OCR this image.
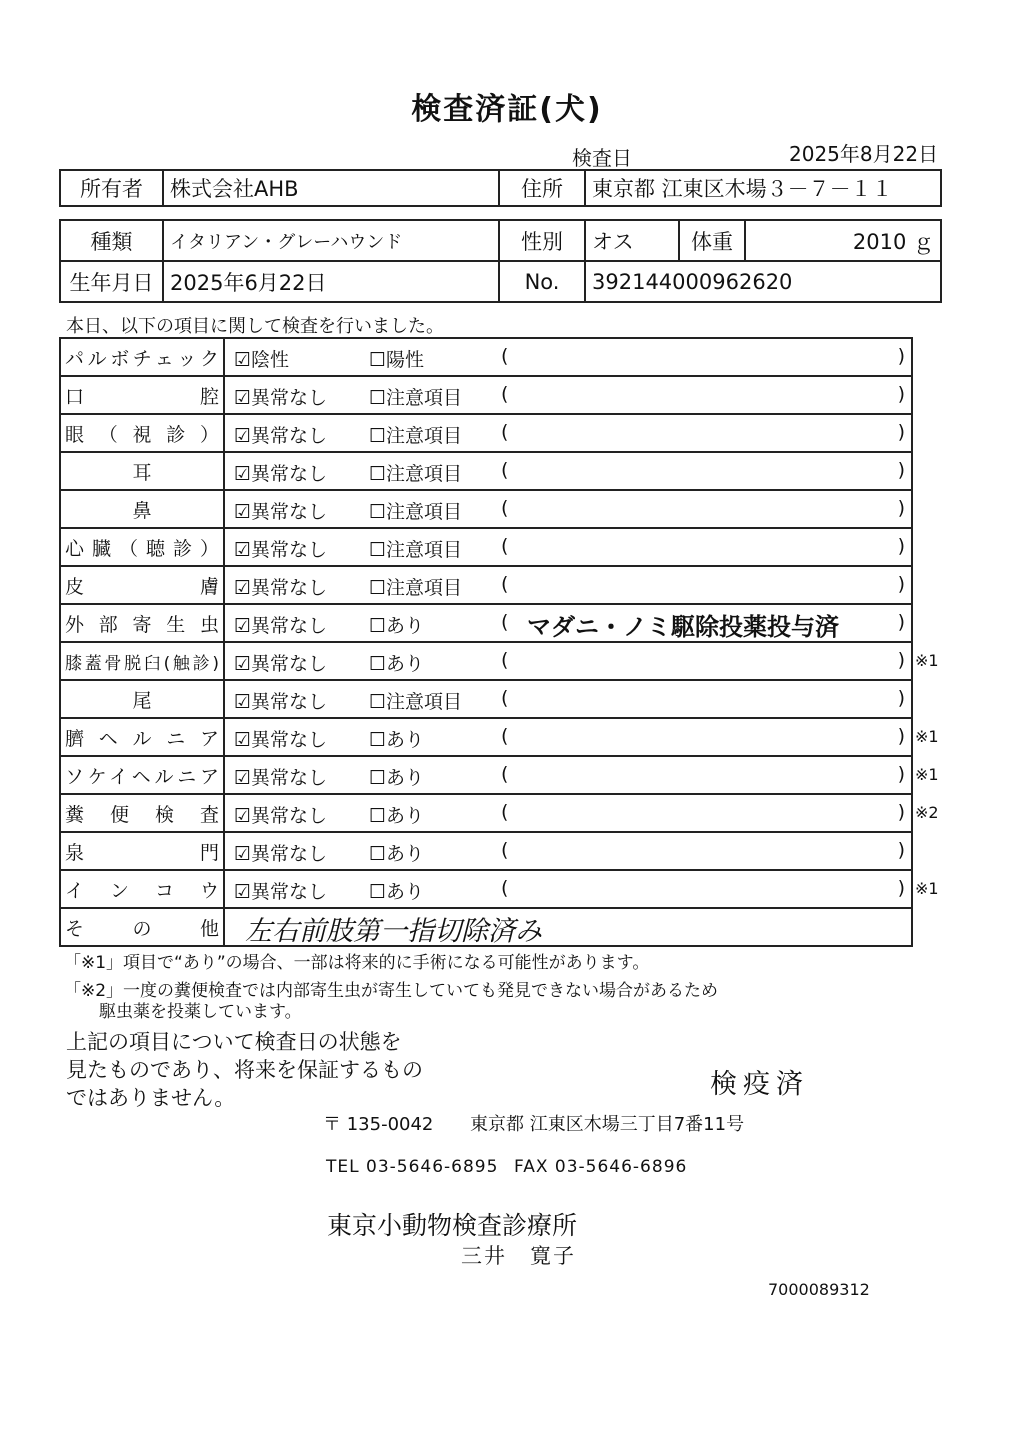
検査済証(犬)
検査日	2025年8月22日
所有者	株式会社AHB	住所	東京都 江東区木場３－７－１１
種類	イタリアン・グレーハウンド	性別	オス	体重	2010 ｇ
生年月日	2025年6月22日	No.	392144000962620		
本日、以下の項目に関して検査を行いました。
パルボチェック ☑陰性	☐陽性	(	)
口　　腔 ☑異常なし ☐注意項目 (	)
眼（視診） ☑異常なし ☐注意項目 (	)
耳	☑異常なし ☐注意項目 (	)
鼻	☑異常なし ☐注意項目 (	)
心臓（聴診） ☑異常なし ☐注意項目 (	)
皮　　膚 ☑異常なし ☐注意項目 (	)
外部寄生虫 ☑異常なし ☐あり	( マダニ・ノミ駆除投薬投与済	)
膝蓋骨脱臼(触診) ☑異常なし ☐あり	(	) ※1
尾	☑異常なし ☐注意項目 (	)
臍ヘルニア ☑異常なし ☐あり	(	) ※1
ソケイヘルニア ☑異常なし ☐あり	(	) ※1
糞便検査 ☑異常なし ☐あり	(	) ※2
泉　　門 ☑異常なし ☐あり	(	)
インコウ ☑異常なし ☐あり	(	) ※1
その他 左右前肢第一指切除済み
「※1」項目で“あり”の場合、一部は将来的に手術になる可能性があります。
「※2」一度の糞便検査では内部寄生虫が寄生していても発見できない場合があるため
駆虫薬を投薬しています。
上記の項目について検査日の状態を
見たものであり、将来を保証するもの
ではありません。	検疫済
〒 135-0042 東京都 江東区木場三丁目7番11号
TEL 03-5646-6895 FAX 03-5646-6896
東京小動物検査診療所
三井　寛子
7000089312
